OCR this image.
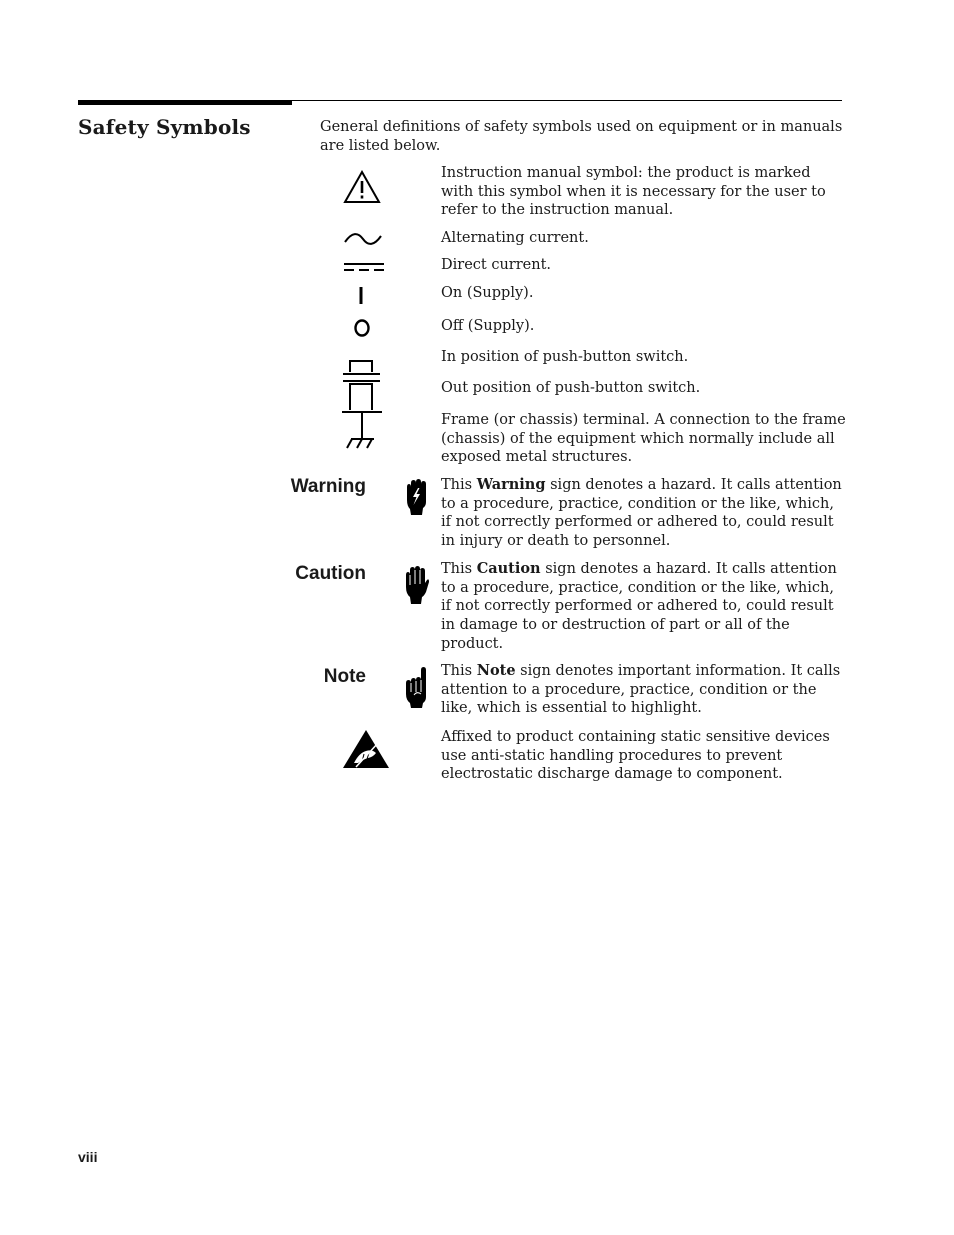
Safety Symbols	General definitions of safety symbols used on equipment or in manuals are listed below.
Instruction manual symbol: the product is marked with this symbol when it is necessary for the user to refer to the instruction manual.
Alternating current.
Direct current.
On (Supply).
Off (Supply).
In position of push-button switch.
Out position of push-button switch.
Frame (or chassis) terminal. A connection to the frame (chassis) of the equipment which normally include all exposed metal structures.
Warning	This Warning sign denotes a hazard. It calls attention to a procedure, practice, condition or the like, which, if not correctly performed or adhered to, could result in injury or death to personnel.
Caution	This Caution sign denotes a hazard. It calls attention to a procedure, practice, condition or the like, which, if not correctly performed or adhered to, could result in damage to or destruction of part or all of the product.
Note	This Note sign denotes important information. It calls attention to a procedure, practice, condition or the like, which is essential to highlight.
Affixed to product containing static sensitive devices use anti-static handling procedures to prevent electrostatic discharge damage to component.
viii
